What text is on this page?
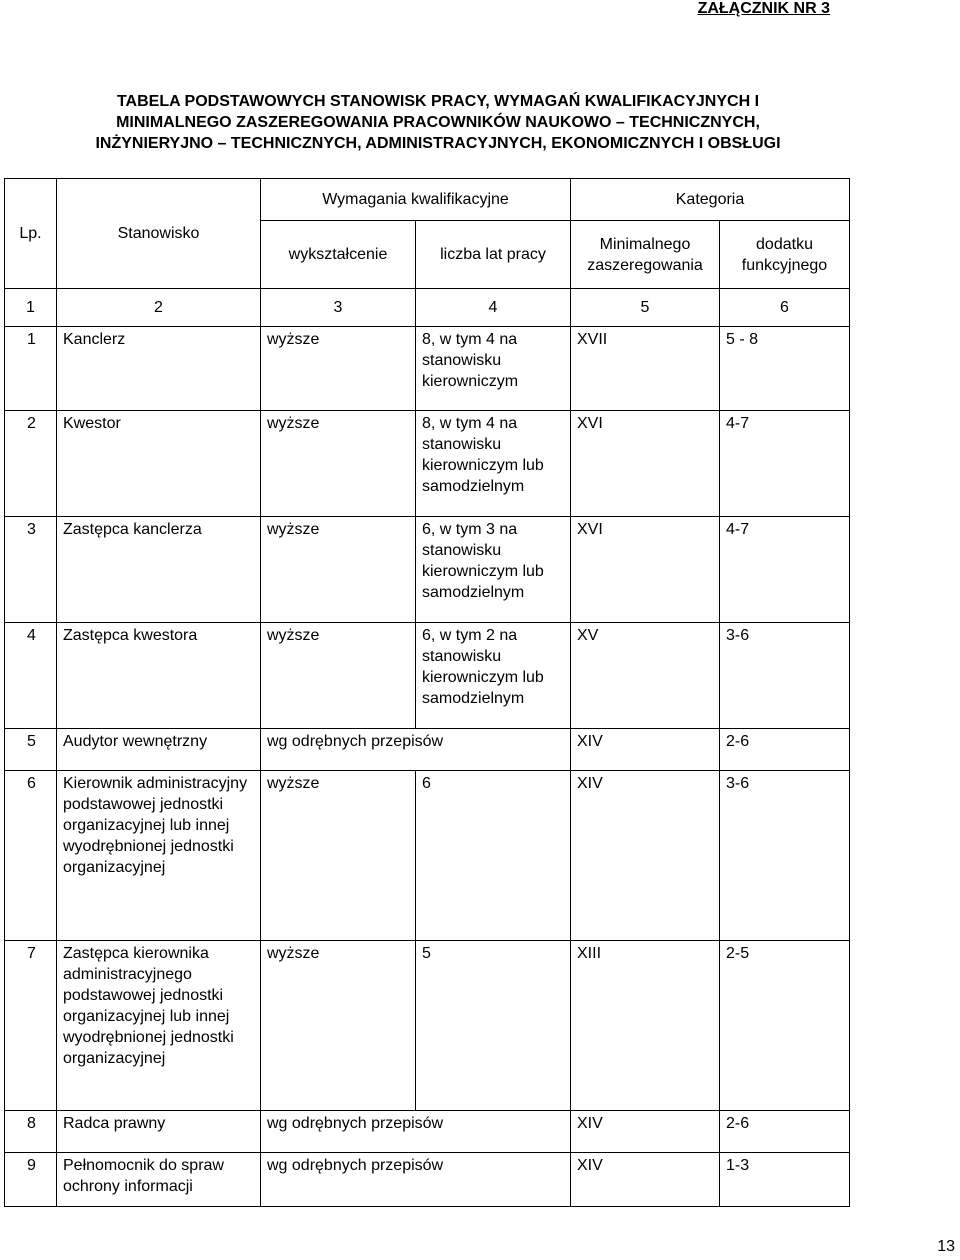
ZAŁĄCZNIK NR 3
TABELA PODSTAWOWYCH STANOWISK PRACY, WYMAGAŃ KWALIFIKACYJNYCH I
MINIMALNEGO ZASZEREGOWANIA PRACOWNIKÓW NAUKOWO – TECHNICZNYCH,
INŻYNIERYJNO – TECHNICZNYCH, ADMINISTRACYJNYCH, EKONOMICZNYCH I OBSŁUGI
Lp.	Stanowisko	Wymagania kwalifikacyjne		Kategoria	
		wykształcenie	liczba lat pracy	Minimalnego zaszeregowania	dodatku funkcyjnego
1	2	3	4	5	6
1	Kanclerz	wyższe	8, w tym 4 na stanowisku kierowniczym	XVII	5 - 8
2	Kwestor	wyższe	8, w tym 4 na stanowisku kierowniczym lub samodzielnym	XVI	4-7
3	Zastępca kanclerza	wyższe	6, w tym 3 na stanowisku kierowniczym lub samodzielnym	XVI	4-7
4	Zastępca kwestora	wyższe	6, w tym 2 na stanowisku kierowniczym lub samodzielnym	XV	3-6
5	Audytor wewnętrzny	wg odrębnych przepisów		XIV	2-6
6	Kierownik administracyjny podstawowej jednostki organizacyjnej lub innej wyodrębnionej jednostki organizacyjnej	wyższe	6	XIV	3-6
7	Zastępca kierownika administracyjnego podstawowej jednostki organizacyjnej lub innej wyodrębnionej jednostki organizacyjnej	wyższe	5	XIII	2-5
8	Radca prawny	wg odrębnych przepisów		XIV	2-6
9	Pełnomocnik do spraw ochrony informacji	wg odrębnych przepisów		XIV	1-3
13
